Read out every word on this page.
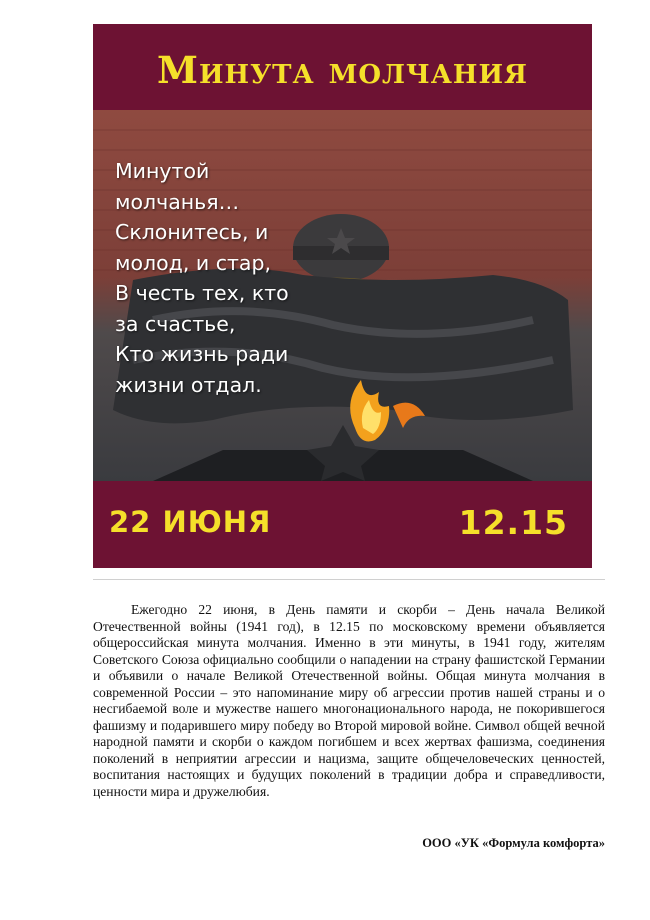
Минута молчания
Минутой
молчанья…
Склонитесь, и
молод, и стар,
В честь тех, кто
за счастье,
Кто жизнь ради
жизни отдал.
22 ИЮНЯ	12.15
Ежегодно 22 июня, в День памяти и скорби – День начала Великой Отечественной войны (1941 год), в 12.15 по московскому времени объявляется общероссийская минута молчания. Именно в эти минуты, в 1941 году, жителям Советского Союза официально сообщили о нападении на страну фашистской Германии и объявили о начале Великой Отечественной войны. Общая минута молчания в современной России – это напоминание миру об агрессии против нашей страны и о несгибаемой воле и мужестве нашего многонационального народа, не покорившегося фашизму и подарившего миру победу во Второй мировой войне. Символ общей вечной народной памяти и скорби о каждом погибшем и всех жертвах фашизма, соединения поколений в неприятии агрессии и нацизма, защите общечеловеческих ценностей, воспитания настоящих и будущих поколений в традиции добра и справедливости, ценности мира и дружелюбия.
ООО «УК «Формула комфорта»
